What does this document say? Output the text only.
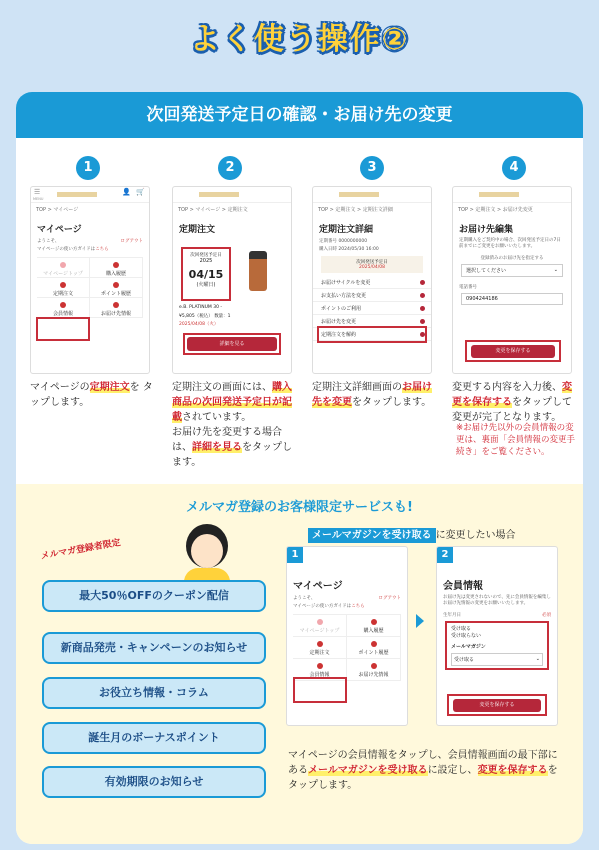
よく使う操作②
次回発送予定日の確認・お届け先の変更
1
☰
MENU
👤 🛒
TOP > マイページ
マイページ
ようこそ、	ログアウト
マイページの使い方ガイドはこちら
マイページトップ	購入履歴
定期注文	ポイント履歴
会員情報	お届け先情報
マイページの定期注文を タップします。
2
TOP > マイページ > 定期注文
定期注文
次回発送予定日
2025
04/15
(火曜日)
e.B. PLATINUM 30 -
¥5,805（税込） 数量：1
2025/04/08（火）
詳細を見る
定期注文の画面には、購入商品の次回発送予定日が記載されています。
お届け先を変更する場合は、詳細を見るをタップします。
3
TOP > 定期注文 > 定期注文詳細
定期注文詳細
定期番号 0000000000
購入日時 2024/05/30 16:00
次回発送予定日
2025/04/08
お届けサイクルを変更
お支払い方法を変更
ポイントのご利用
お届け先を変更
定期注文を解約
定期注文詳細画面のお届け先を変更をタップします。
4
TOP > 定期注文 > お届け先変更
お届け先編集
定期購入をご契約中の場合、次回発送予定日の7日前までにご変更をお願いいたします。
登録済みのお届け先を指定する
選択してください	⌄
電話番号
0904244186
変更を保存する
変更する内容を入力後、変更を保存するをタップして変更が完了となります。
※お届け先以外の会員情報の変更は、裏面「会員情報の変更手続き」をご覧ください。
メルマガ登録のお客様限定サービスも!
メルマガ登録者限定
最大50％OFFのクーポン配信
新商品発売・キャンペーンのお知らせ
お役立ち情報・コラム
誕生月のボーナスポイント
有効期限のお知らせ
メールマガジンを受け取る に変更したい場合
1
マイページ
ようこそ、	ログアウト
マイページの使い方ガイドはこちら
マイページトップ	購入履歴
定期注文	ポイント履歴
会員情報	お届け先情報
2
会員情報
お届け先は変更されないので、先に会員情報を編集しお届け先情報の変更をお願いいたします。
生年月日	必須
受け取る
受け取らない
メールマガジン
受け取る	⌄
変更を保存する
マイページの会員情報をタップし、会員情報画面の最下部にあるメールマガジンを受け取るに設定し、変更を保存するをタップします。
